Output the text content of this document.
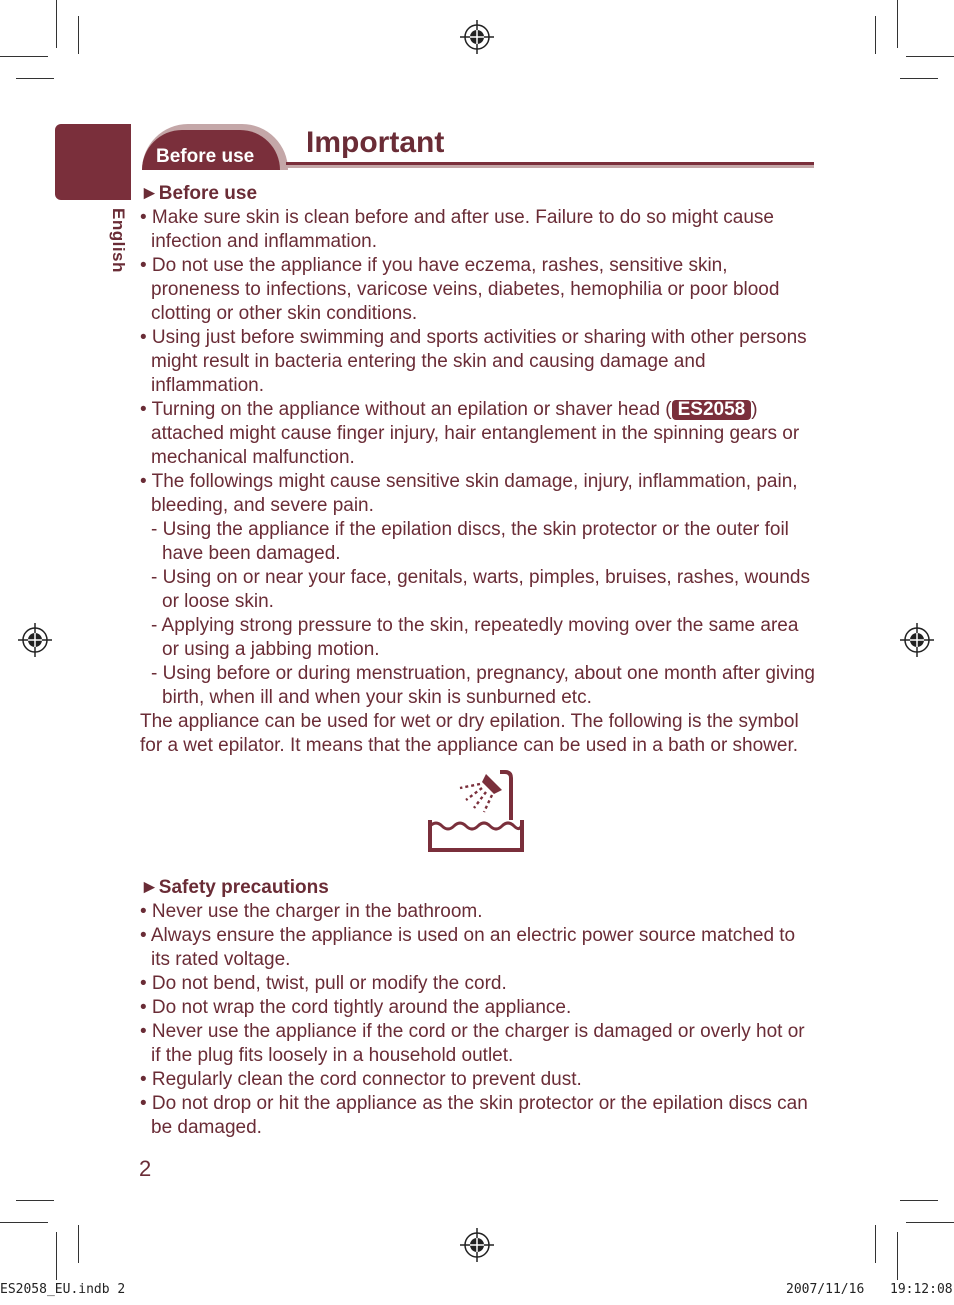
English
Before use Important
►Before use
• Make sure skin is clean before and after use. Failure to do so might cause infection and inflammation.
• Do not use the appliance if you have eczema, rashes, sensitive skin, proneness to infections, varicose veins, diabetes, hemophilia or poor blood clotting or other skin conditions.
• Using just before swimming and sports activities or sharing with other persons might result in bacteria entering the skin and causing damage and inflammation.
• Turning on the appliance without an epilation or shaver head ( ES2058 ) attached might cause finger injury, hair entanglement in the spinning gears or mechanical malfunction.
• The followings might cause sensitive skin damage, injury, inflammation, pain, bleeding, and severe pain.
- Using the appliance if the epilation discs, the skin protector or the outer foil have been damaged.
- Using on or near your face, genitals, warts, pimples, bruises, rashes, wounds or loose skin.
- Applying strong pressure to the skin, repeatedly moving over the same area or using a jabbing motion.
- Using before or during menstruation, pregnancy, about one month after giving birth, when ill and when your skin is sunburned etc.
The appliance can be used for wet or dry epilation. The following is the symbol for a wet epilator. It means that the appliance can be used in a bath or shower.
►Safety precautions
• Never use the charger in the bathroom.
• Always ensure the appliance is used on an electric power source matched to its rated voltage.
• Do not bend, twist, pull or modify the cord.
• Do not wrap the cord tightly around the appliance.
• Never use the appliance if the cord or the charger is damaged or overly hot or if the plug fits loosely in a household outlet.
• Regularly clean the cord connector to prevent dust.
• Do not drop or hit the appliance as the skin protector or the epilation discs can be damaged.
2
ES2058_EU.indb 2	2007/11/16 19:12:08
